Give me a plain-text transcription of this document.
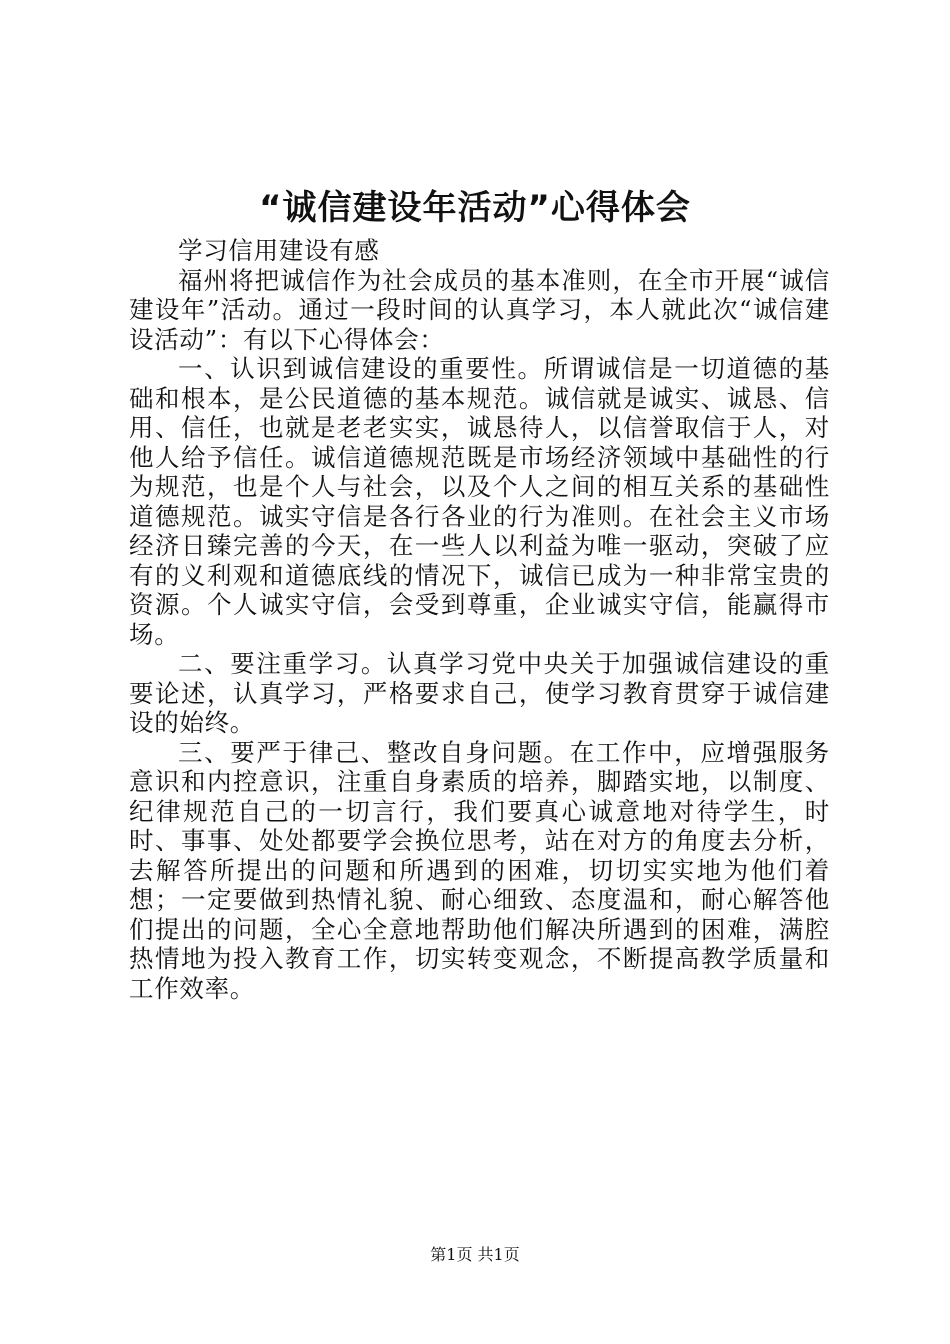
“诚信建设年活动”心得体会

学习信用建设有感

福州将把诚信作为社会成员的基本准则，在全市开展“诚信建设年”活动。通过一段时间的认真学习，本人就此次“诚信建设活动”：有以下心得体会：

一、认识到诚信建设的重要性。所谓诚信是一切道德的基础和根本，是公民道德的基本规范。诚信就是诚实、诚恳、信用、信任，也就是老老实实，诚恳待人，以信誉取信于人，对他人给予信任。诚信道德规范既是市场经济领域中基础性的行为规范，也是个人与社会，以及个人之间的相互关系的基础性道德规范。诚实守信是各行各业的行为准则。在社会主义市场经济日臻完善的今天，在一些人以利益为唯一驱动，突破了应有的义利观和道德底线的情况下，诚信已成为一种非常宝贵的资源。个人诚实守信，会受到尊重，企业诚实守信，能赢得市场。

二、要注重学习。认真学习党中央关于加强诚信建设的重要论述，认真学习，严格要求自己，使学习教育贯穿于诚信建设的始终。

三、要严于律己、整改自身问题。在工作中，应增强服务意识和内控意识，注重自身素质的培养，脚踏实地，以制度、纪律规范自己的一切言行，我们要真心诚意地对待学生，时时、事事、处处都要学会换位思考，站在对方的角度去分析，去解答所提出的问题和所遇到的困难，切切实实地为他们着想；一定要做到热情礼貌、耐心细致、态度温和，耐心解答他们提出的问题，全心全意地帮助他们解决所遇到的困难，满腔热情地为投入教育工作，切实转变观念，不断提高教学质量和工作效率。

第1页 共1页
